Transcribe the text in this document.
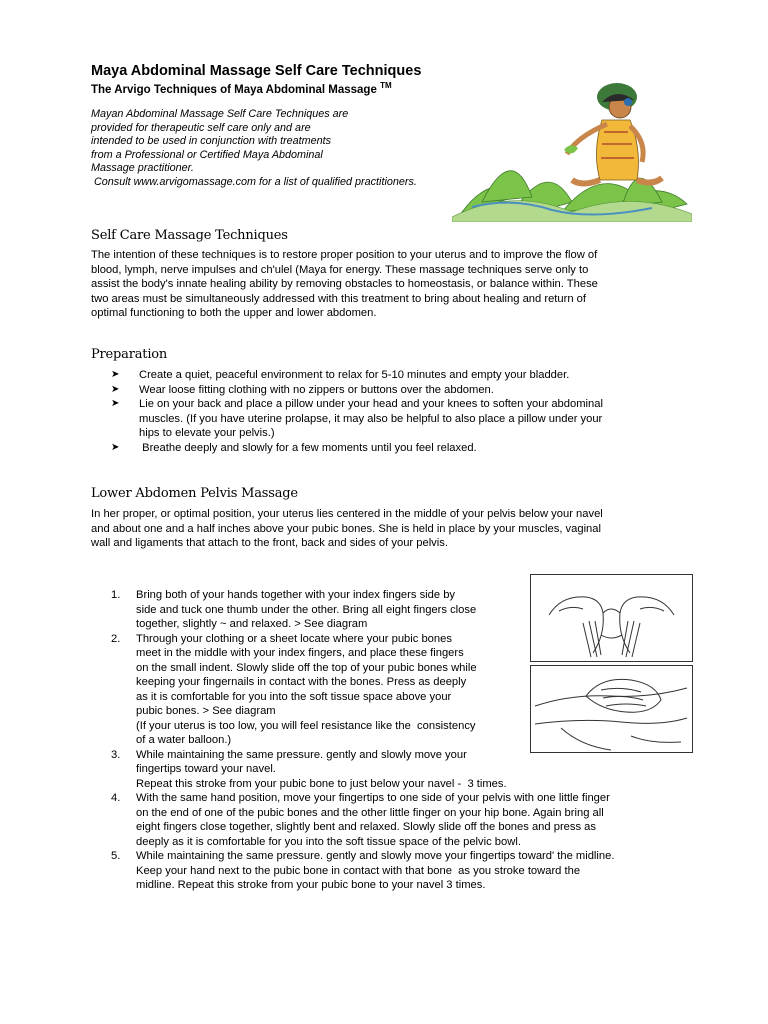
Maya Abdominal Massage Self Care Techniques
The Arvigo Techniques of Maya Abdominal Massage ™
Mayan Abdominal Massage Self Care Techniques are
provided for therapeutic self care only and are
intended to be used in conjunction with treatments
from a Professional or Certified Maya Abdominal
Massage practitioner.
Consult www.arvigomassage.com for a list of qualified practitioners.
Self Care Massage Techniques
The intention of these techniques is to restore proper position to your uterus and to improve the flow of
blood, lymph, nerve impulses and ch'ulel (Maya for energy. These massage techniques serve only to
assist the body's innate healing ability by removing obstacles to homeostasis, or balance within. These
two areas must be simultaneously addressed with this treatment to bring about healing and return of
optimal functioning to both the upper and lower abdomen.
Preparation
➤	Create a quiet, peaceful environment to relax for 5-10 minutes and empty your bladder.
➤	Wear loose fitting clothing with no zippers or buttons over the abdomen.
➤	Lie on your back and place a pillow under your head and your knees to soften your abdominal
muscles. (If you have uterine prolapse, it may also be helpful to also place a pillow under your
hips to elevate your pelvis.)
➤	Breathe deeply and slowly for a few moments until you feel relaxed.
Lower Abdomen Pelvis Massage
In her proper, or optimal position, your uterus lies centered in the middle of your pelvis below your navel
and about one and a half inches above your pubic bones. She is held in place by your muscles, vaginal
wall and ligaments that attach to the front, back and sides of your pelvis.
1.	Bring both of your hands together with your index fingers side by
side and tuck one thumb under the other. Bring all eight fingers close
together, slightly ~ and relaxed. > See diagram
2.	Through your clothing or a sheet locate where your pubic bones
meet in the middle with your index fingers, and place these fingers
on the small indent. Slowly slide off the top of your pubic bones while
keeping your fingernails in contact with the bones. Press as deeply
as it is comfortable for you into the soft tissue space above your
pubic bones. > See diagram
(If your uterus is too low, you will feel resistance like the  consistency
of a water balloon.)
3.	While maintaining the same pressure. gently and slowly move your
fingertips toward your navel.
Repeat this stroke from your pubic bone to just below your navel -  3 times.
4.	With the same hand position, move your fingertips to one side of your pelvis with one little finger
on the end of one of the pubic bones and the other little finger on your hip bone. Again bring all
eight fingers close together, slightly bent and relaxed. Slowly slide off the bones and press as
deeply as it is comfortable for you into the soft tissue space of the pelvic bowl.
5.	While maintaining the same pressure. gently and slowly move your fingertips toward' the midline.
Keep your hand next to the pubic bone in contact with that bone  as you stroke toward the
midline. Repeat this stroke from your pubic bone to your navel 3 times.
